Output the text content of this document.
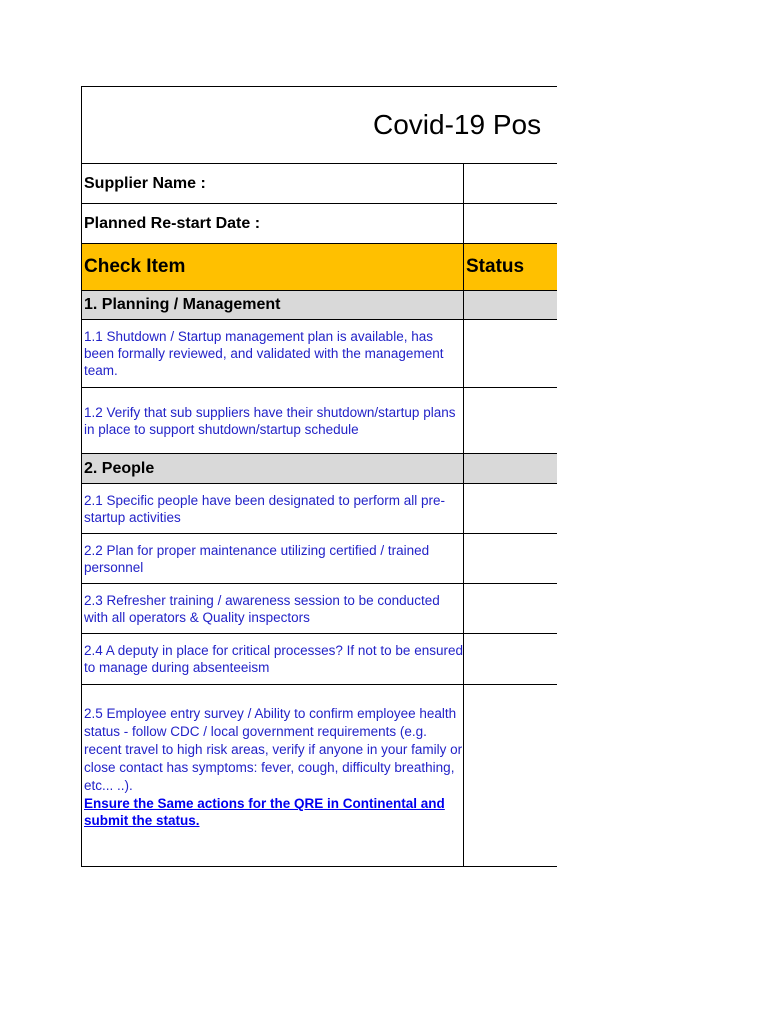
Covid-19 Pos
Supplier Name :
Planned Re-start Date :
Check Item	Status
1. Planning / Management
1.1 Shutdown / Startup management plan is available, has been formally reviewed, and validated with the management team.
1.2 Verify that sub suppliers have their shutdown/startup plans in place to support shutdown/startup schedule
2. People
2.1 Specific people have been designated to perform all pre-startup activities
2.2 Plan for proper maintenance utilizing certified / trained personnel
2.3 Refresher training / awareness session to be conducted with all operators & Quality inspectors
2.4 A deputy in place for critical processes? If not to be ensured to manage during absenteeism
2.5 Employee entry survey / Ability to confirm employee health status - follow CDC / local government requirements (e.g. recent travel to high risk areas, verify if anyone in your family or close contact has symptoms: fever, cough, difficulty breathing, etc... ..).
Ensure the Same actions for the QRE in Continental and submit the status.
